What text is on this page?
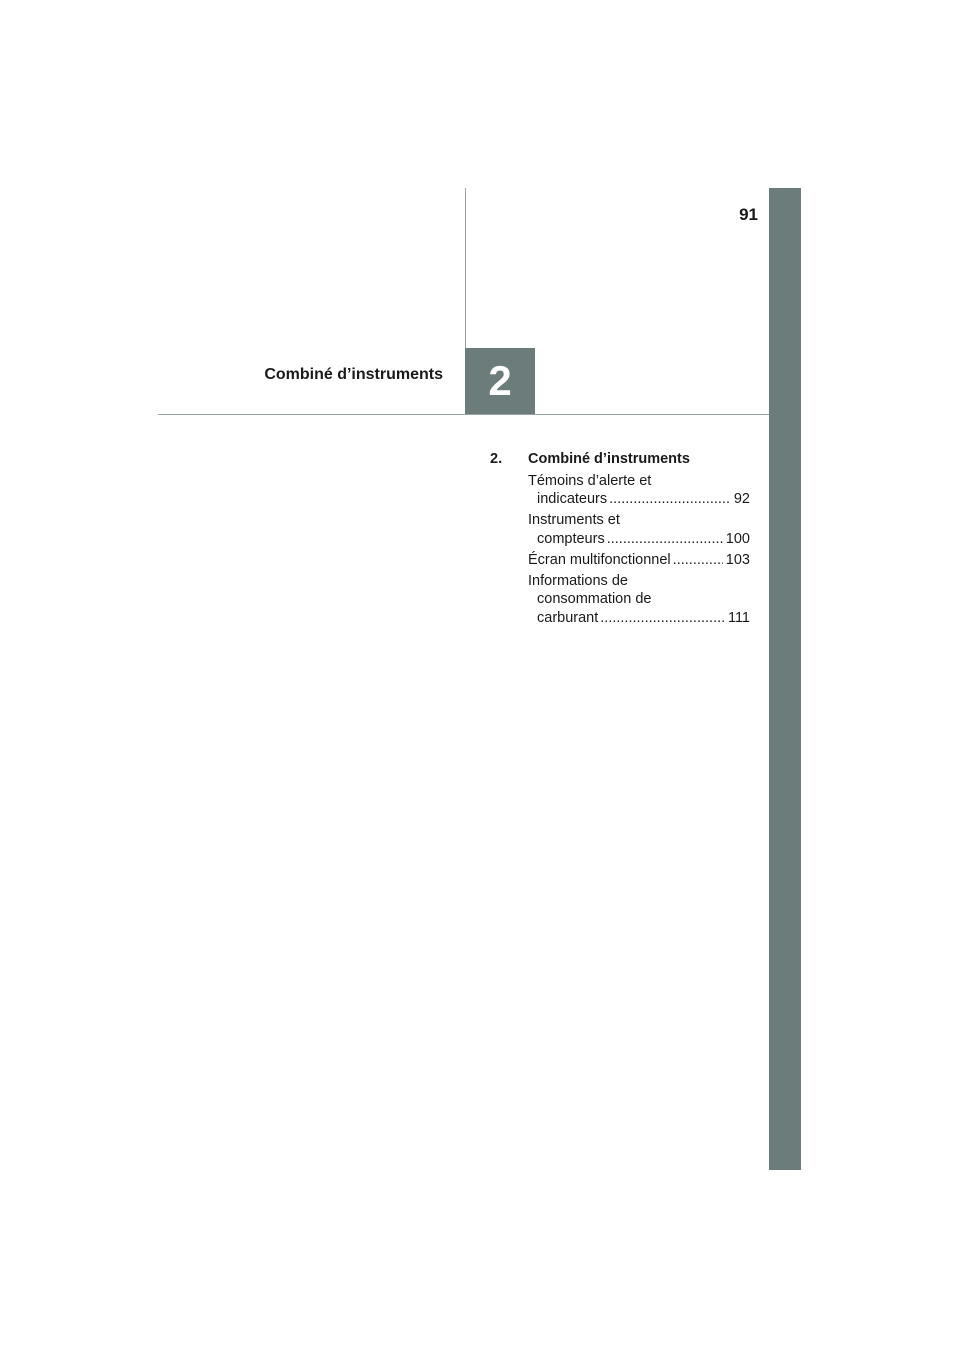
91
2
Combiné d’instruments
2.	Combiné d’instruments
Témoins d’alerte et
indicateurs .....	92
Instruments et
compteurs .....	100
Écran multifonctionnel .....	103
Informations de
consommation de
carburant .....	111
